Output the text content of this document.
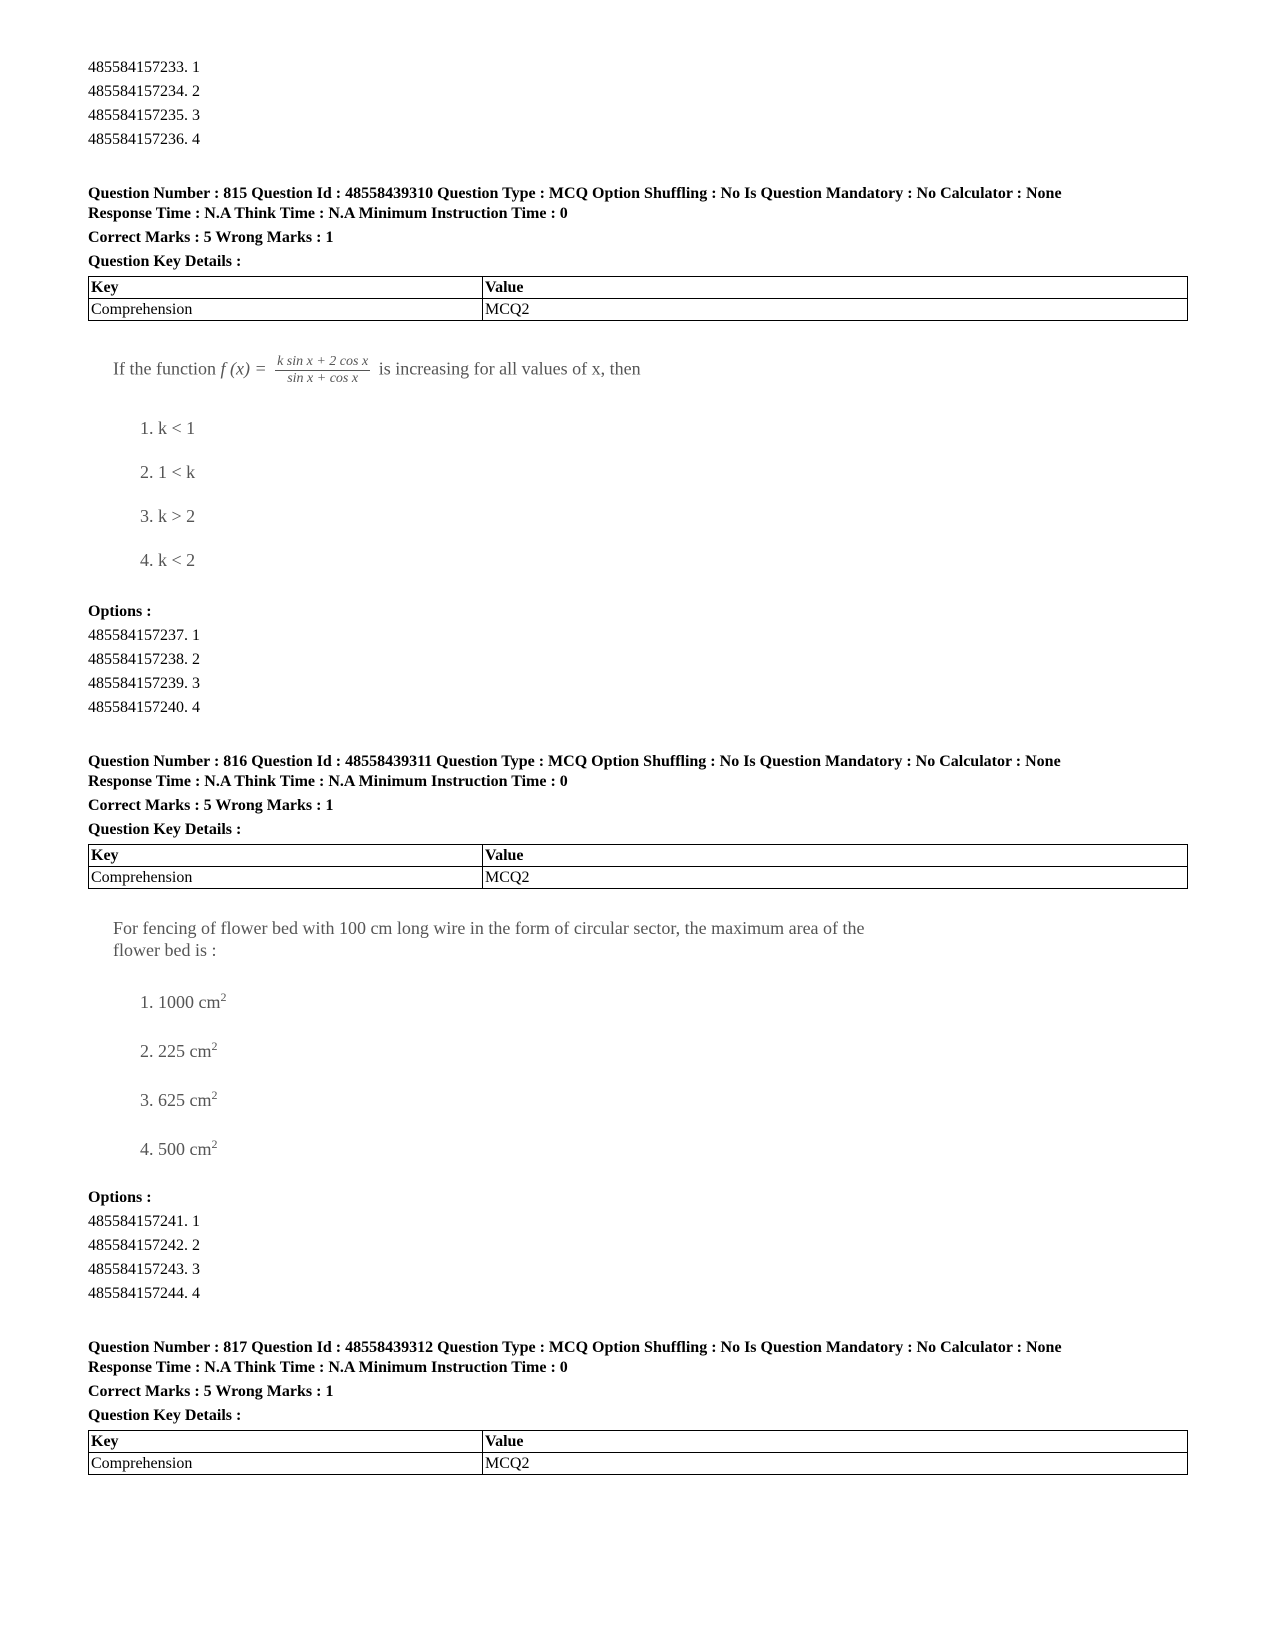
485584157233. 1
485584157234. 2
485584157235. 3
485584157236. 4
Question Number : 815 Question Id : 48558439310 Question Type : MCQ Option Shuffling : No Is Question Mandatory : No Calculator : None
Response Time : N.A Think Time : N.A Minimum Instruction Time : 0
Correct Marks : 5 Wrong Marks : 1
Question Key Details :
Key	Value
Comprehension	MCQ2
If the function f $(x) = \frac{\text{k sin x + 2 cos x}}{\text{sin x + cos x}}$ is increasing for all values of x, then
1. k < 1
2. 1 < k
3. k > 2
4. k < 2
Options :
485584157237. 1
485584157238. 2
485584157239. 3
485584157240. 4
Question Number : 816 Question Id : 48558439311 Question Type : MCQ Option Shuffling : No Is Question Mandatory : No Calculator : None
Response Time : N.A Think Time : N.A Minimum Instruction Time : 0
Correct Marks : 5 Wrong Marks : 1
Question Key Details :
Key	Value
Comprehension	MCQ2
For fencing of flower bed with 100 cm long wire in the form of circular sector, the maximum area of the
flower bed is :
1. 1000 $cm^2$
2. 225 $cm^2$
3. 625 $cm^2$
4. 500 $cm^2$
Options :
485584157241. 1
485584157242. 2
485584157243. 3
485584157244. 4
Question Number : 817 Question Id : 48558439312 Question Type : MCQ Option Shuffling : No Is Question Mandatory : No Calculator : None
Response Time : N.A Think Time : N.A Minimum Instruction Time : 0
Correct Marks : 5 Wrong Marks : 1
Question Key Details :
Key	Value
Comprehension	MCQ2
